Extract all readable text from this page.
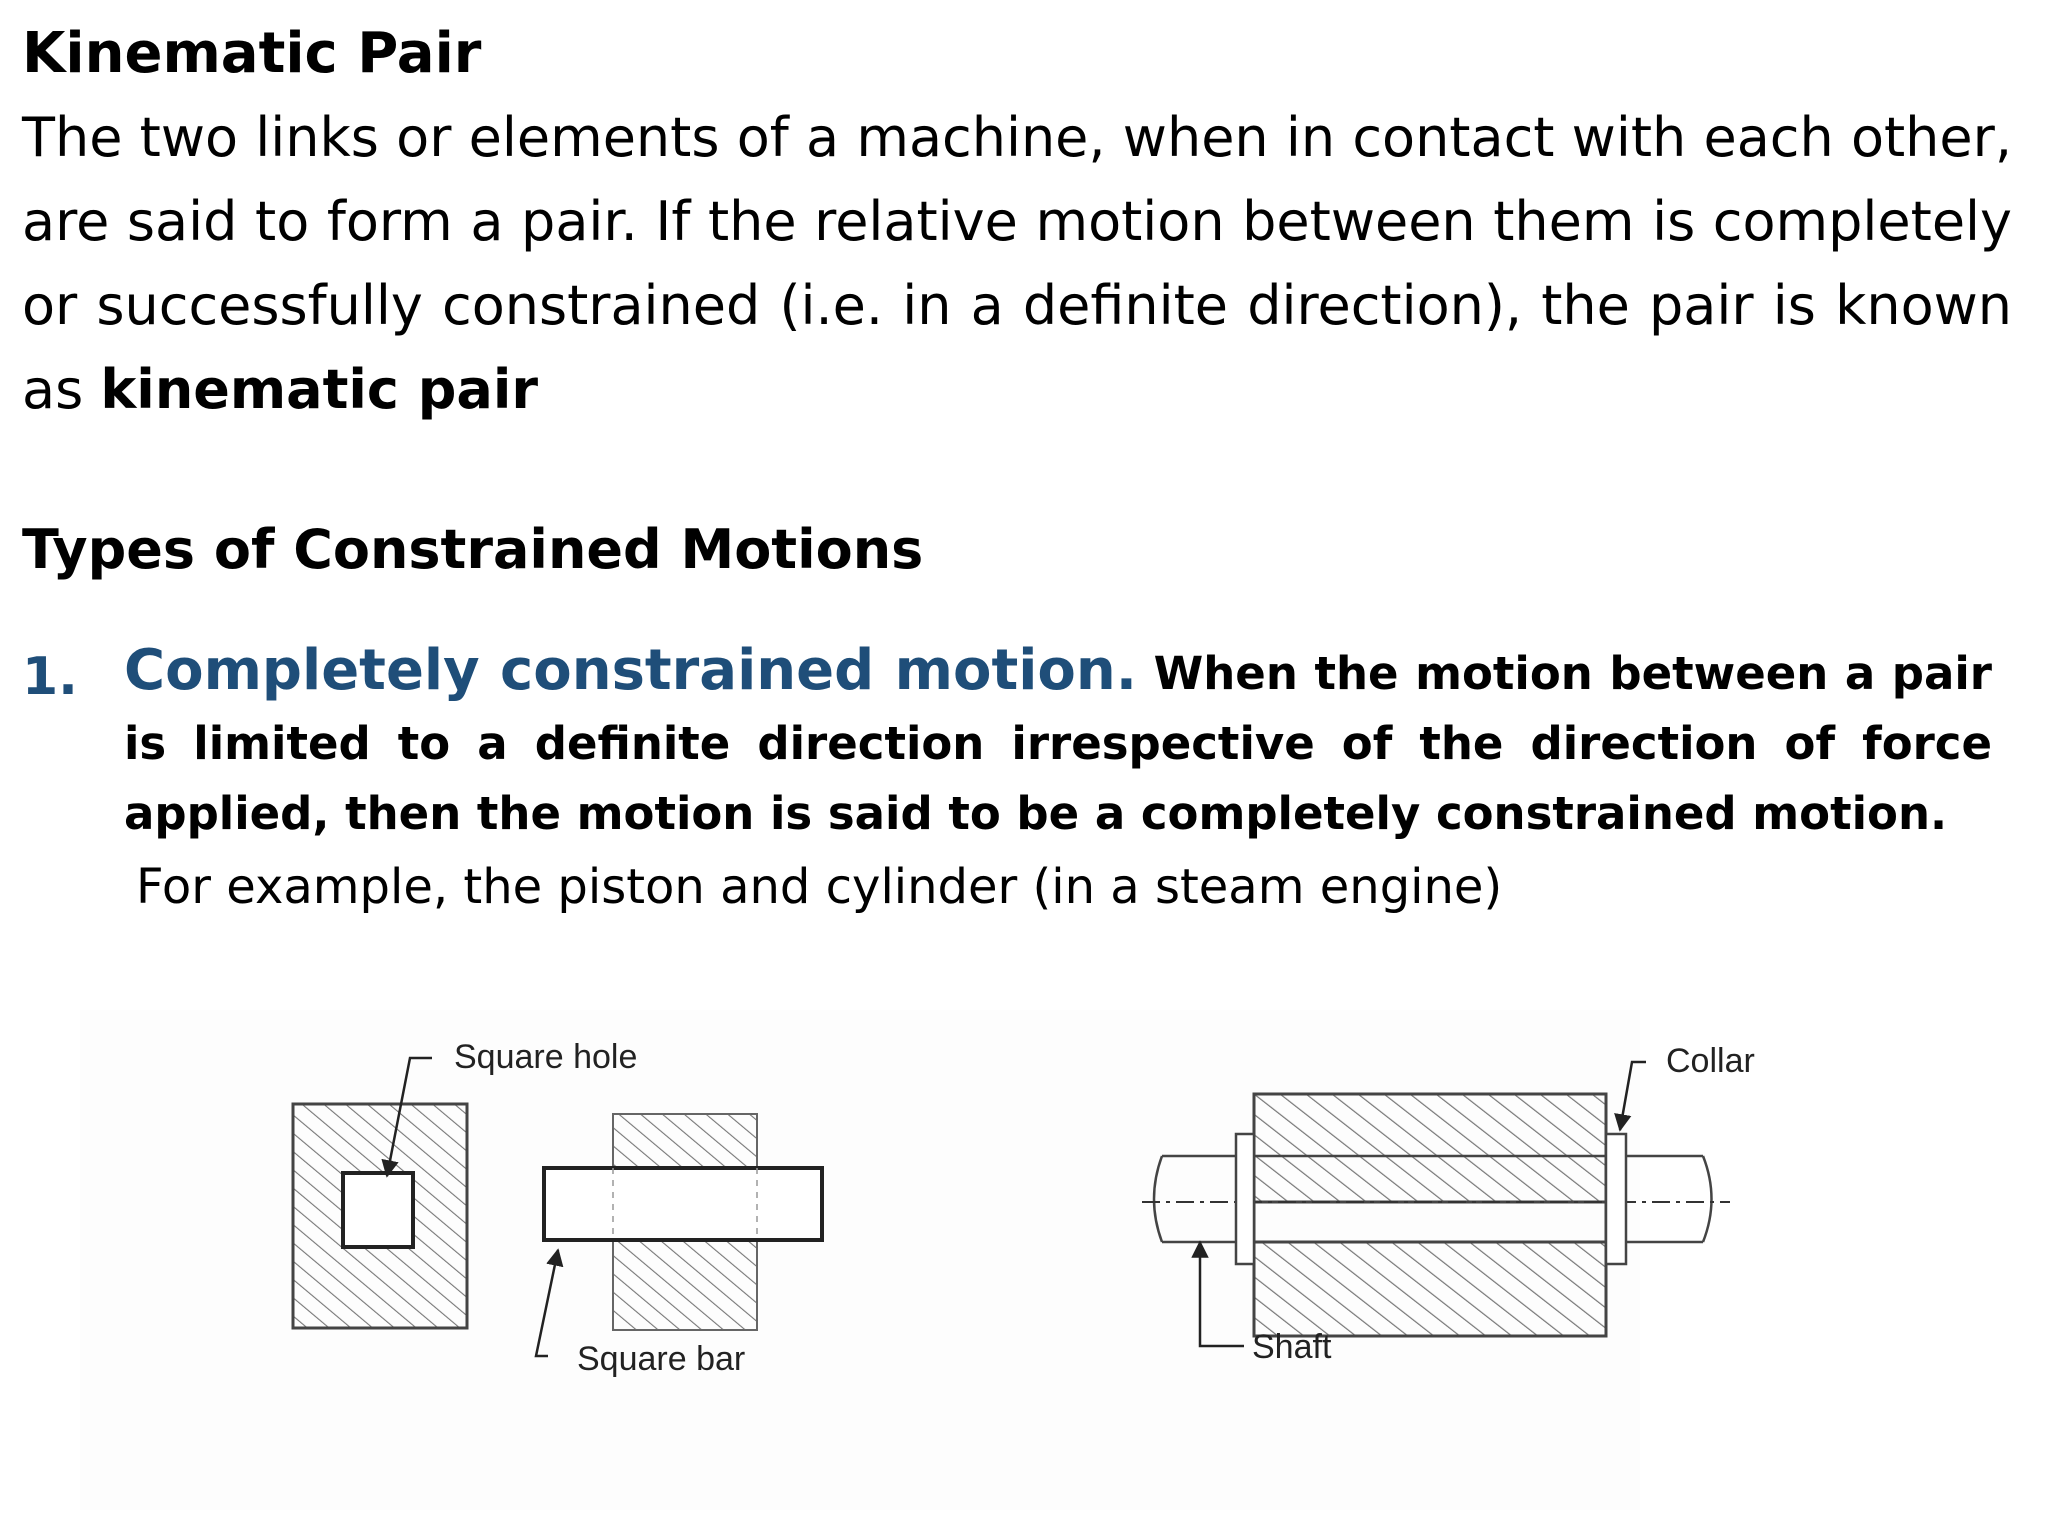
Kinematic Pair

The two links or elements of a machine, when in contact with each other, are said to form a pair. If the relative motion between them is completely or successfully constrained (i.e. in a definite direction), the pair is known as kinematic pair

Types of Constrained Motions
1. Completely constrained motion. When the motion between a pair is limited to a definite direction irrespective of the direction of force applied, then the motion is said to be a completely constrained motion.

For example, the piston and cylinder (in a steam engine)

Square hole
Square bar
Collar
Shaft
